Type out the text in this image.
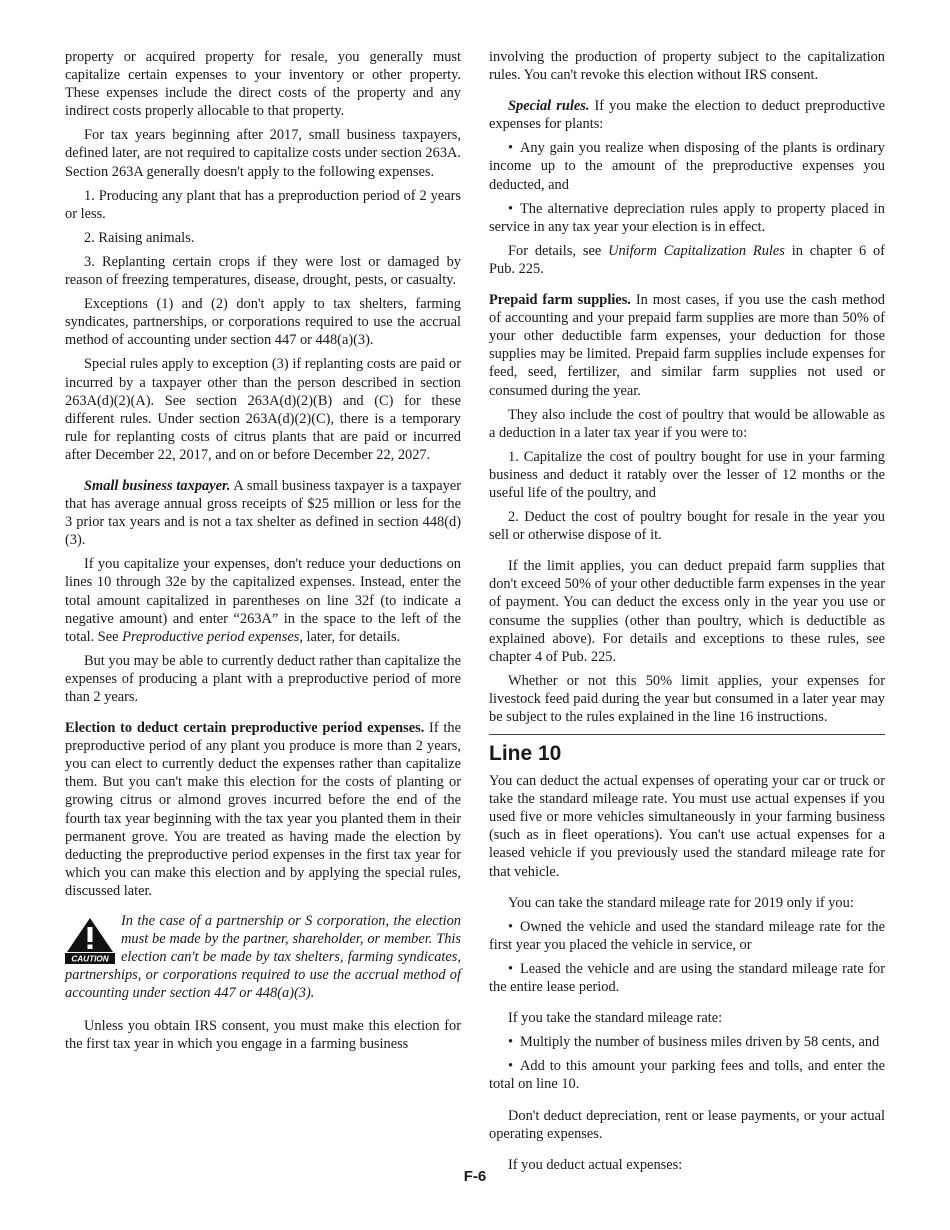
property or acquired property for resale, you generally must capitalize certain expenses to your inventory or other property. These expenses include the direct costs of the property and any indirect costs properly allocable to that property.

For tax years beginning after 2017, small business taxpayers, defined later, are not required to capitalize costs under section 263A. Section 263A generally doesn't apply to the following expenses.

1. Producing any plant that has a preproduction period of 2 years or less.

2. Raising animals.

3. Replanting certain crops if they were lost or damaged by reason of freezing temperatures, disease, drought, pests, or casualty.

Exceptions (1) and (2) don't apply to tax shelters, farming syndicates, partnerships, or corporations required to use the accrual method of accounting under section 447 or 448(a)(3).

Special rules apply to exception (3) if replanting costs are paid or incurred by a taxpayer other than the person described in section 263A(d)(2)(A). See section 263A(d)(2)(B) and (C) for these different rules. Under section 263A(d)(2)(C), there is a temporary rule for replanting costs of citrus plants that are paid or incurred after December 22, 2017, and on or before December 22, 2027.

Small business taxpayer. A small business taxpayer is a taxpayer that has average annual gross receipts of $25 million or less for the 3 prior tax years and is not a tax shelter as defined in section 448(d)(3).

If you capitalize your expenses, don't reduce your deductions on lines 10 through 32e by the capitalized expenses. Instead, enter the total amount capitalized in parentheses on line 32f (to indicate a negative amount) and enter “263A” in the space to the left of the total. See Preproductive period expenses, later, for details.

But you may be able to currently deduct rather than capitalize the expenses of producing a plant with a preproductive period of more than 2 years.

Election to deduct certain preproductive period expenses. If the preproductive period of any plant you produce is more than 2 years, you can elect to currently deduct the expenses rather than capitalize them. But you can't make this election for the costs of planting or growing citrus or almond groves incurred before the end of the fourth tax year beginning with the tax year you planted them in their permanent grove. You are treated as having made the election by deducting the preproductive period expenses in the first tax year for which you can make this election and by applying the special rules, discussed later.

CAUTION
In the case of a partnership or S corporation, the election must be made by the partner, shareholder, or member. This election can't be made by tax shelters, farming syndicates, partnerships, or corporations required to use the accrual method of accounting under section 447 or 448(a)(3).

Unless you obtain IRS consent, you must make this election for the first tax year in which you engage in a farming business

involving the production of property subject to the capitalization rules. You can't revoke this election without IRS consent.

Special rules. If you make the election to deduct preproductive expenses for plants:

• Any gain you realize when disposing of the plants is ordinary income up to the amount of the preproductive expenses you deducted, and

• The alternative depreciation rules apply to property placed in service in any tax year your election is in effect.

For details, see Uniform Capitalization Rules in chapter 6 of Pub. 225.

Prepaid farm supplies. In most cases, if you use the cash method of accounting and your prepaid farm supplies are more than 50% of your other deductible farm expenses, your deduction for those supplies may be limited. Prepaid farm supplies include expenses for feed, seed, fertilizer, and similar farm supplies not used or consumed during the year.

They also include the cost of poultry that would be allowable as a deduction in a later tax year if you were to:

1. Capitalize the cost of poultry bought for use in your farming business and deduct it ratably over the lesser of 12 months or the useful life of the poultry, and

2. Deduct the cost of poultry bought for resale in the year you sell or otherwise dispose of it.

If the limit applies, you can deduct prepaid farm supplies that don't exceed 50% of your other deductible farm expenses in the year of payment. You can deduct the excess only in the year you use or consume the supplies (other than poultry, which is deductible as explained above). For details and exceptions to these rules, see chapter 4 of Pub. 225.

Whether or not this 50% limit applies, your expenses for livestock feed paid during the year but consumed in a later year may be subject to the rules explained in the line 16 instructions.

Line 10

You can deduct the actual expenses of operating your car or truck or take the standard mileage rate. You must use actual expenses if you used five or more vehicles simultaneously in your farming business (such as in fleet operations). You can't use actual expenses for a leased vehicle if you previously used the standard mileage rate for that vehicle.

You can take the standard mileage rate for 2019 only if you:

• Owned the vehicle and used the standard mileage rate for the first year you placed the vehicle in service, or

• Leased the vehicle and are using the standard mileage rate for the entire lease period.

If you take the standard mileage rate:

• Multiply the number of business miles driven by 58 cents, and

• Add to this amount your parking fees and tolls, and enter the total on line 10.

Don't deduct depreciation, rent or lease payments, or your actual operating expenses.

If you deduct actual expenses:

F-6
